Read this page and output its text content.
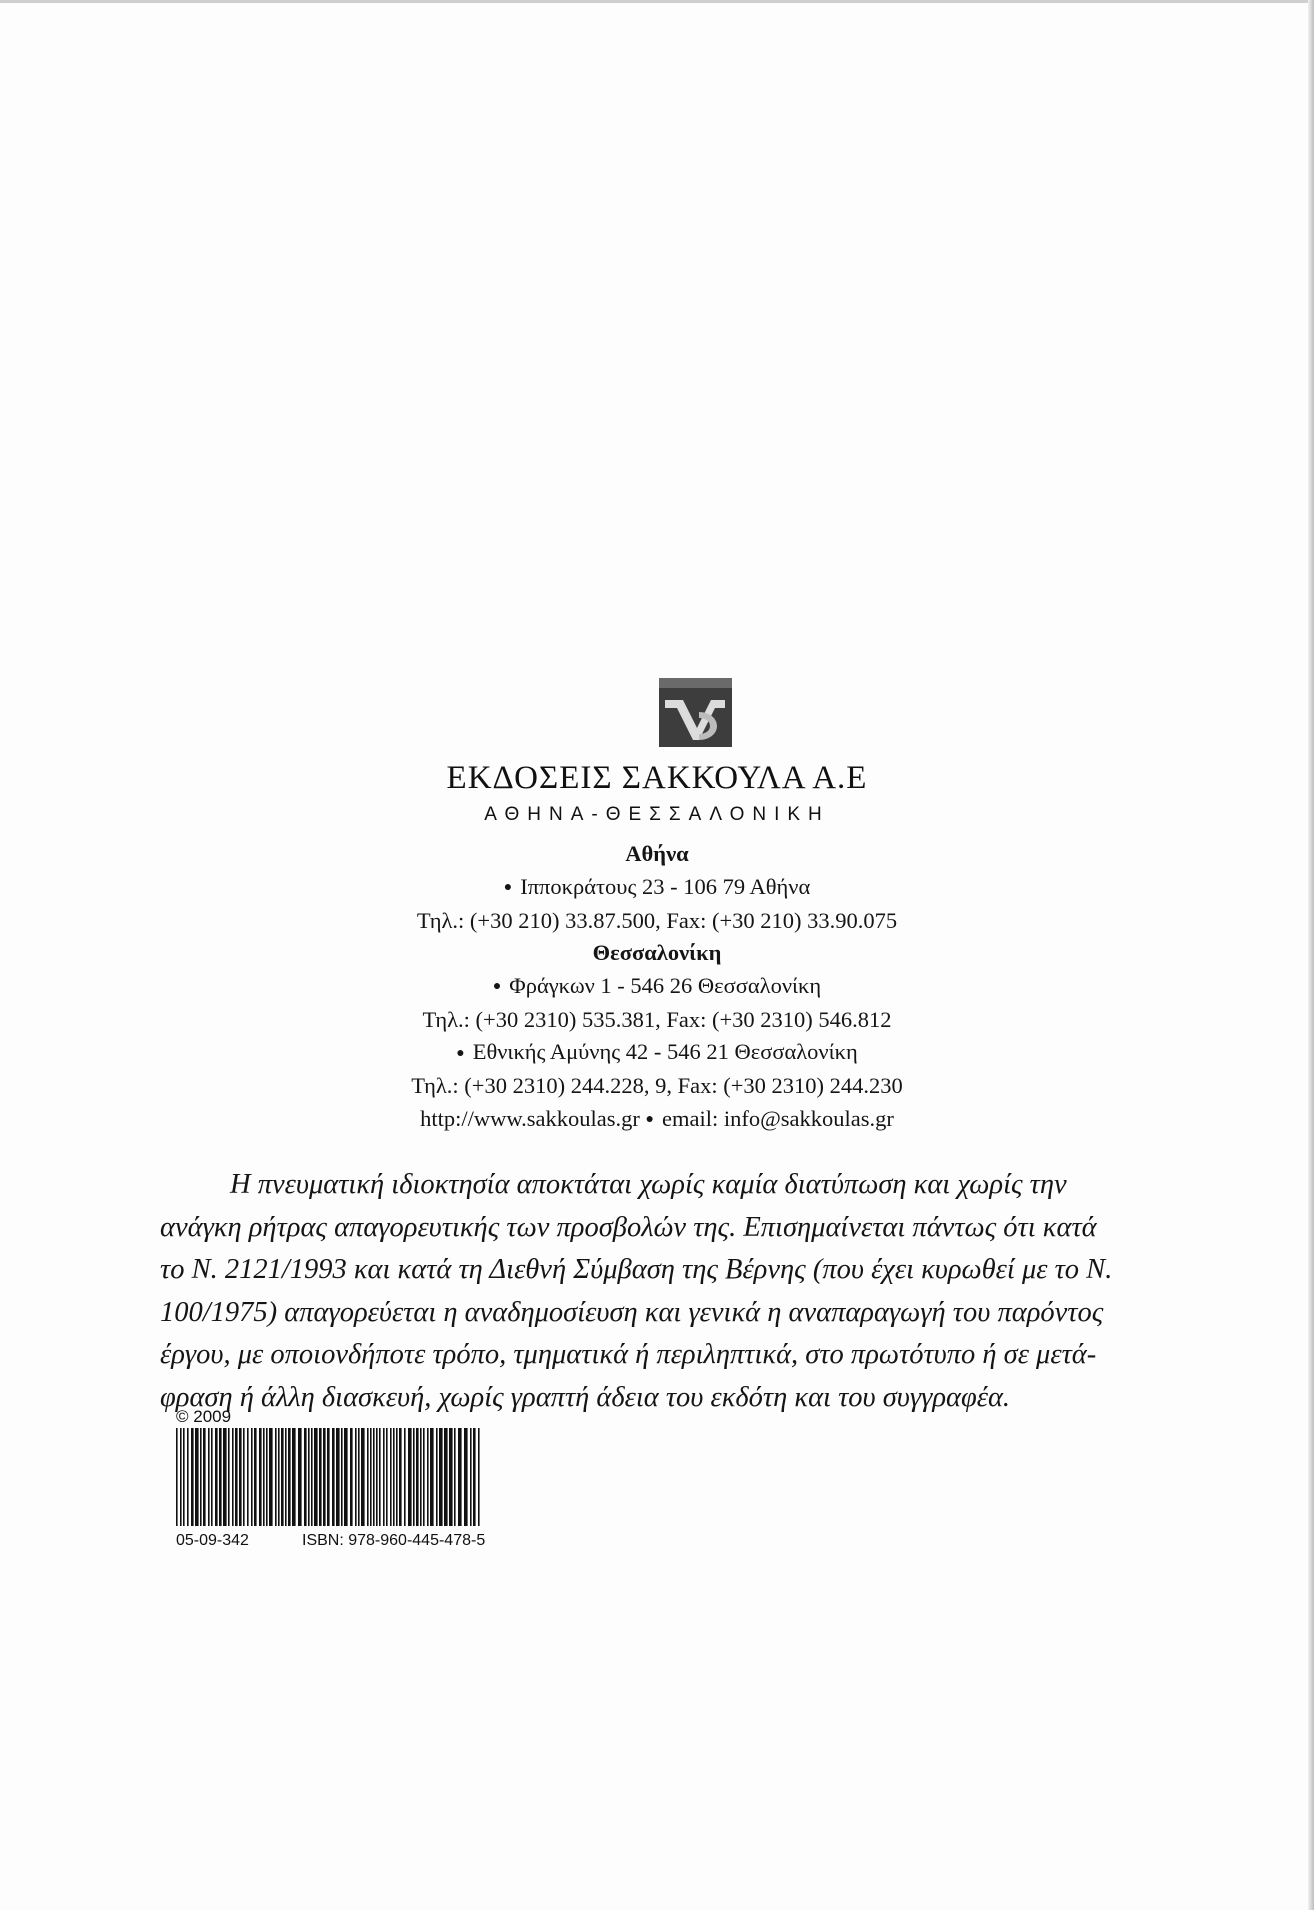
ΕΚΔΟΣΕΙΣ ΣΑΚΚΟΥΛΑ Α.Ε
ΑΘΗΝΑ-ΘΕΣΣΑΛΟΝΙΚΗ
Αθήνα
● Ιπποκράτους 23 - 106 79 Αθήνα
Τηλ.: (+30 210) 33.87.500, Fax: (+30 210) 33.90.075
Θεσσαλονίκη
● Φράγκων 1 - 546 26 Θεσσαλονίκη
Τηλ.: (+30 2310) 535.381, Fax: (+30 2310) 546.812
● Εθνικής Αμύνης 42 - 546 21 Θεσσαλονίκη
Τηλ.: (+30 2310) 244.228, 9, Fax: (+30 2310) 244.230
http://www.sakkoulas.gr ● email: info@sakkoulas.gr
Η πνευματική ιδιοκτησία αποκτάται χωρίς καμία διατύπωση και χωρίς την
ανάγκη ρήτρας απαγορευτικής των προσβολών της. Επισημαίνεται πάντως ότι κατά
το Ν. 2121/1993 και κατά τη Διεθνή Σύμβαση της Βέρνης (που έχει κυρωθεί με το Ν.
100/1975) απαγορεύεται η αναδημοσίευση και γενικά η αναπαραγωγή του παρόντος
έργου, με οποιονδήποτε τρόπο, τμηματικά ή περιληπτικά, στο πρωτότυπο ή σε μετά-
φραση ή άλλη διασκευή, χωρίς γραπτή άδεια του εκδότη και του συγγραφέα.
© 2009
05-09-342	ISBN: 978-960-445-478-5
